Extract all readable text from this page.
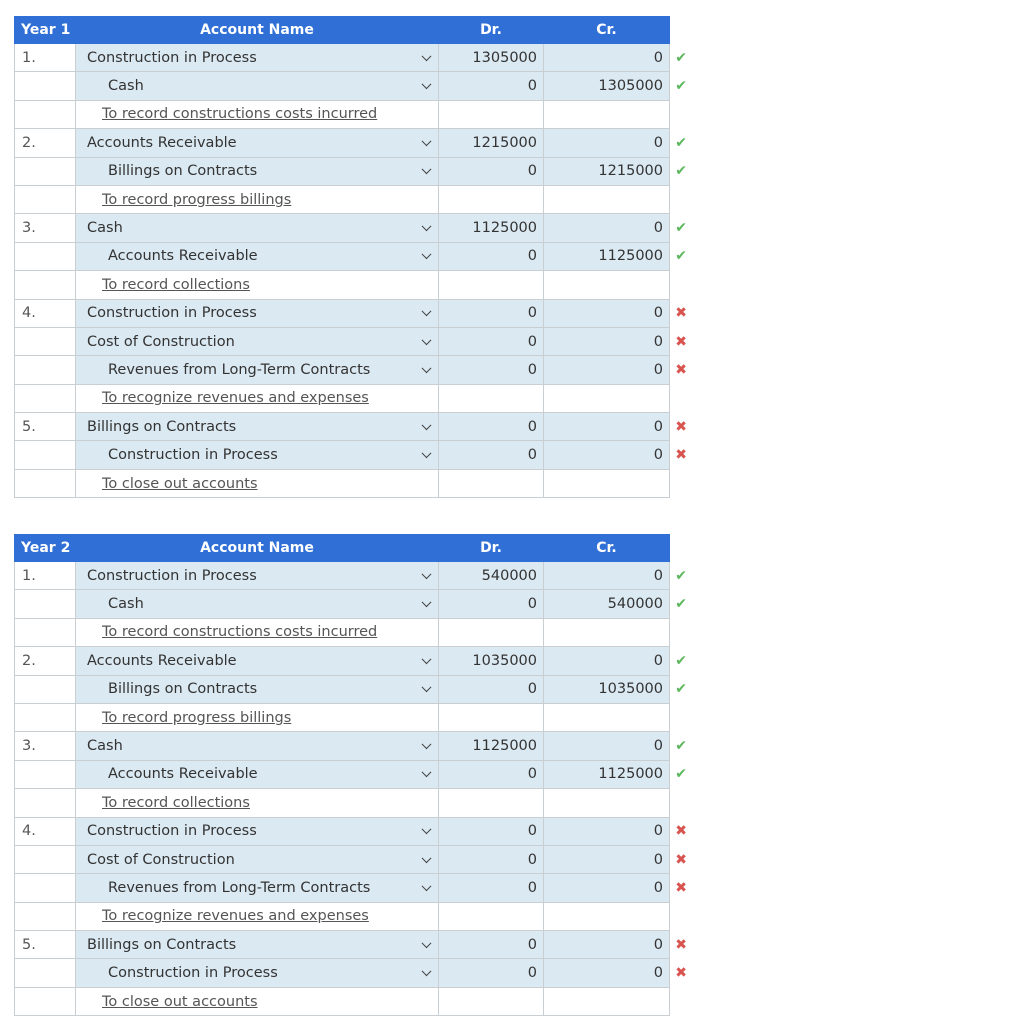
Year 1	Account Name	Dr.	Cr.
1.	Construction in Process	1305000	0 ✔

	Cash	0	1305000 ✔

	To record constructions costs incurred		

2.	Accounts Receivable	1215000	0 ✔

	Billings on Contracts	0	1215000 ✔

	To record progress billings		

3.	Cash	1125000	0 ✔

	Accounts Receivable	0	1125000 ✔

	To record collections		

4.	Construction in Process	0	0 ✖

	Cost of Construction	0	0 ✖

	Revenues from Long-Term Contracts	0	0 ✖

	To recognize revenues and expenses		

5.	Billings on Contracts	0	0 ✖

	Construction in Process	0	0 ✖

	To close out accounts		

Year 2	Account Name	Dr.	Cr.
1.	Construction in Process	540000	0 ✔

	Cash	0	540000 ✔

	To record constructions costs incurred		

2.	Accounts Receivable	1035000	0 ✔

	Billings on Contracts	0	1035000 ✔

	To record progress billings		

3.	Cash	1125000	0 ✔

	Accounts Receivable	0	1125000 ✔

	To record collections		

4.	Construction in Process	0	0 ✖

	Cost of Construction	0	0 ✖

	Revenues from Long-Term Contracts	0	0 ✖

	To recognize revenues and expenses		

5.	Billings on Contracts	0	0 ✖

	Construction in Process	0	0 ✖

	To close out accounts		
